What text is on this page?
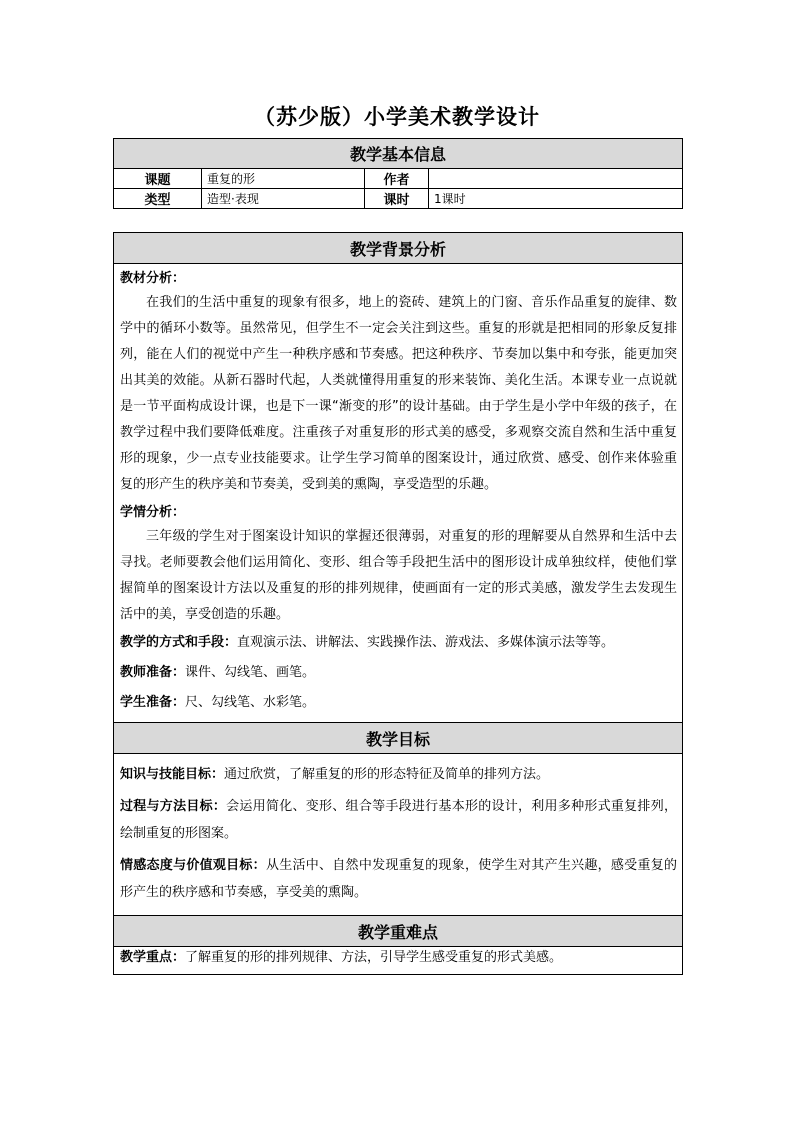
（苏少版）小学美术教学设计
教学基本信息			
课题	重复的形	作者	
类型	造型·表现	课时	1课时
教学背景分析

教材分析：

在我们的生活中重复的现象有很多，地上的瓷砖、建筑上的门窗、音乐作品重复的旋律、数学中的循环小数等。虽然常见，但学生不一定会关注到这些。重复的形就是把相同的形象反复排列，能在人们的视觉中产生一种秩序感和节奏感。把这种秩序、节奏加以集中和夸张，能更加突出其美的效能。从新石器时代起，人类就懂得用重复的形来装饰、美化生活。本课专业一点说就是一节平面构成设计课，也是下一课“渐变的形”的设计基础。由于学生是小学中年级的孩子，在教学过程中我们要降低难度。注重孩子对重复形的形式美的感受，多观察交流自然和生活中重复形的现象，少一点专业技能要求。让学生学习简单的图案设计，通过欣赏、感受、创作来体验重复的形产生的秩序美和节奏美，受到美的熏陶，享受造型的乐趣。

学情分析：

三年级的学生对于图案设计知识的掌握还很薄弱，对重复的形的理解要从自然界和生活中去寻找。老师要教会他们运用简化、变形、组合等手段把生活中的图形设计成单独纹样，使他们掌握简单的图案设计方法以及重复的形的排列规律，使画面有一定的形式美感，激发学生去发现生活中的美，享受创造的乐趣。

教学的方式和手段：直观演示法、讲解法、实践操作法、游戏法、多媒体演示法等等。
教师准备：课件、勾线笔、画笔。
学生准备：尺、勾线笔、水彩笔。

教学目标

知识与技能目标：通过欣赏，了解重复的形的形态特征及简单的排列方法。
过程与方法目标：会运用简化、变形、组合等手段进行基本形的设计，利用多种形式重复排列，绘制重复的形图案。
情感态度与价值观目标：从生活中、自然中发现重复的现象，使学生对其产生兴趣，感受重复的形产生的秩序感和节奏感，享受美的熏陶。

教学重难点
教学重点：了解重复的形的排列规律、方法，引导学生感受重复的形式美感。
